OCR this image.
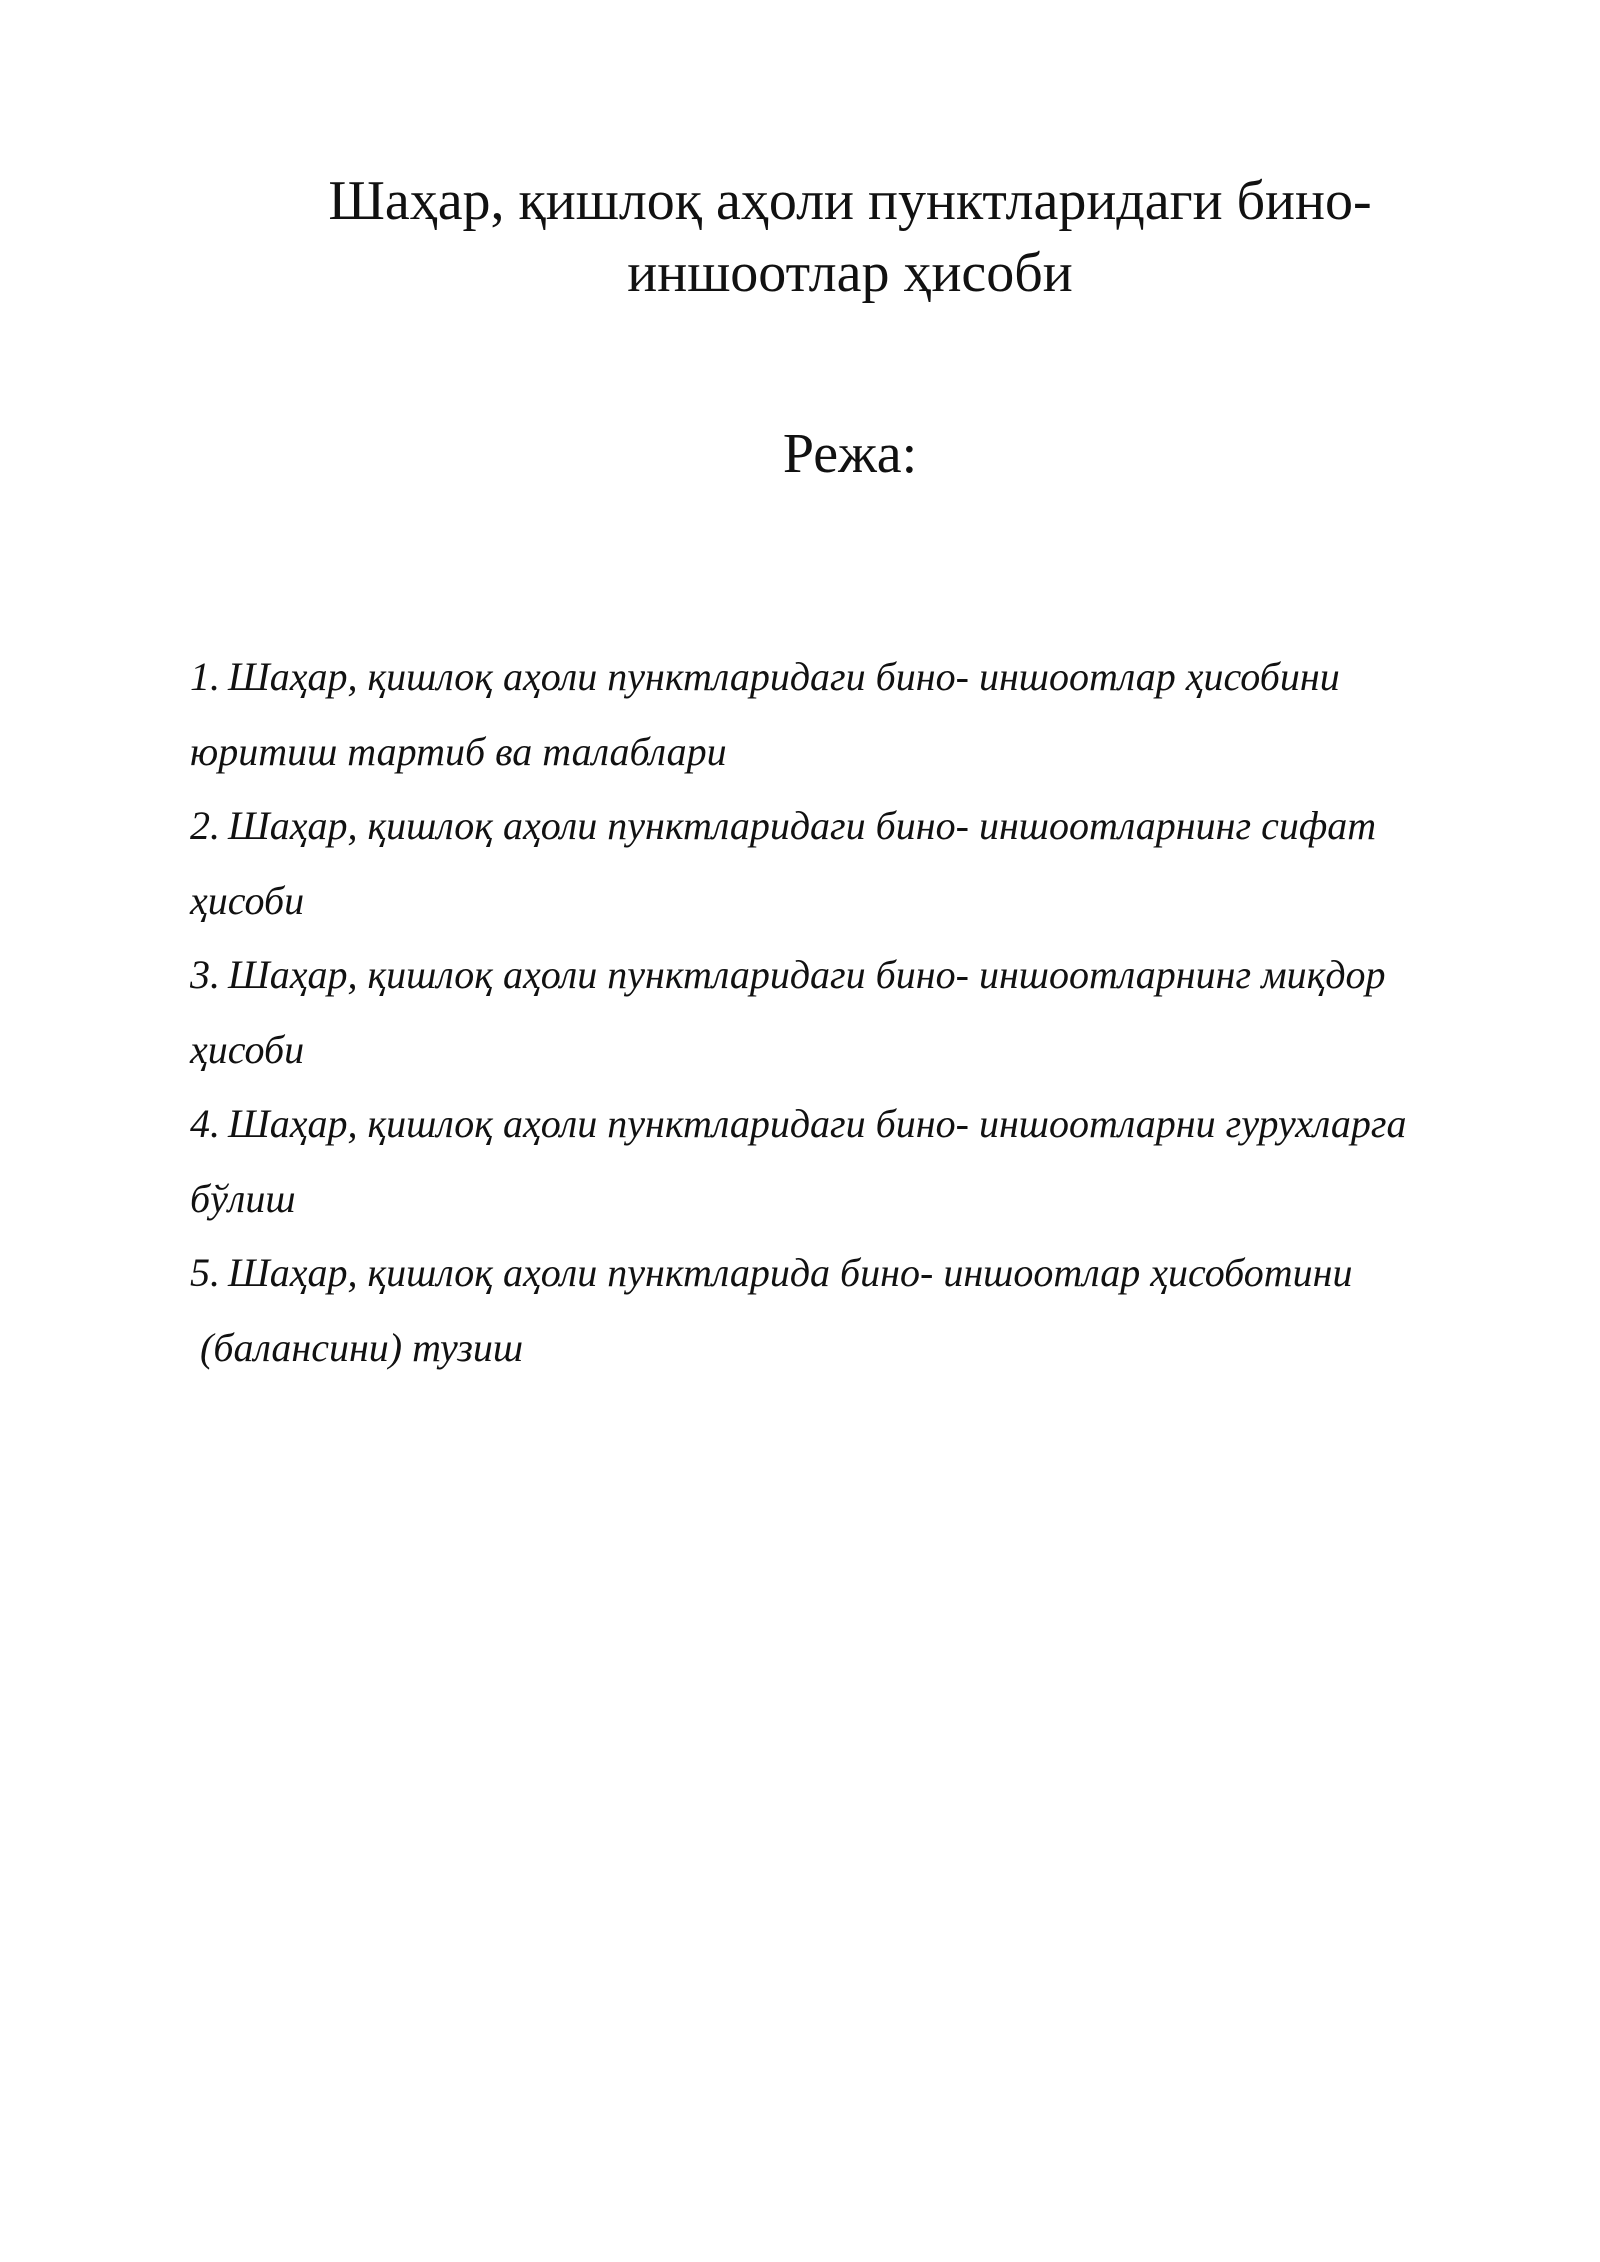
Шаҳар, қишлоқ аҳоли пунктларидаги бино-
иншоотлар ҳисоби
Режа:
1. Шаҳар, қишлоқ аҳоли пунктларидаги бино- иншоотлар ҳисобини
юритиш тартиб ва талаблари
2. Шаҳар, қишлоқ аҳоли пунктларидаги бино- иншоотларнинг сифат
ҳисоби
3. Шаҳар, қишлоқ аҳоли пунктларидаги бино- иншоотларнинг миқдор
ҳисоби
4. Шаҳар, қишлоқ аҳоли пунктларидаги бино- иншоотларни гурухларга
бўлиш
5. Шаҳар, қишлоқ аҳоли пунктларида бино- иншоотлар ҳисоботини
(балансини) тузиш
